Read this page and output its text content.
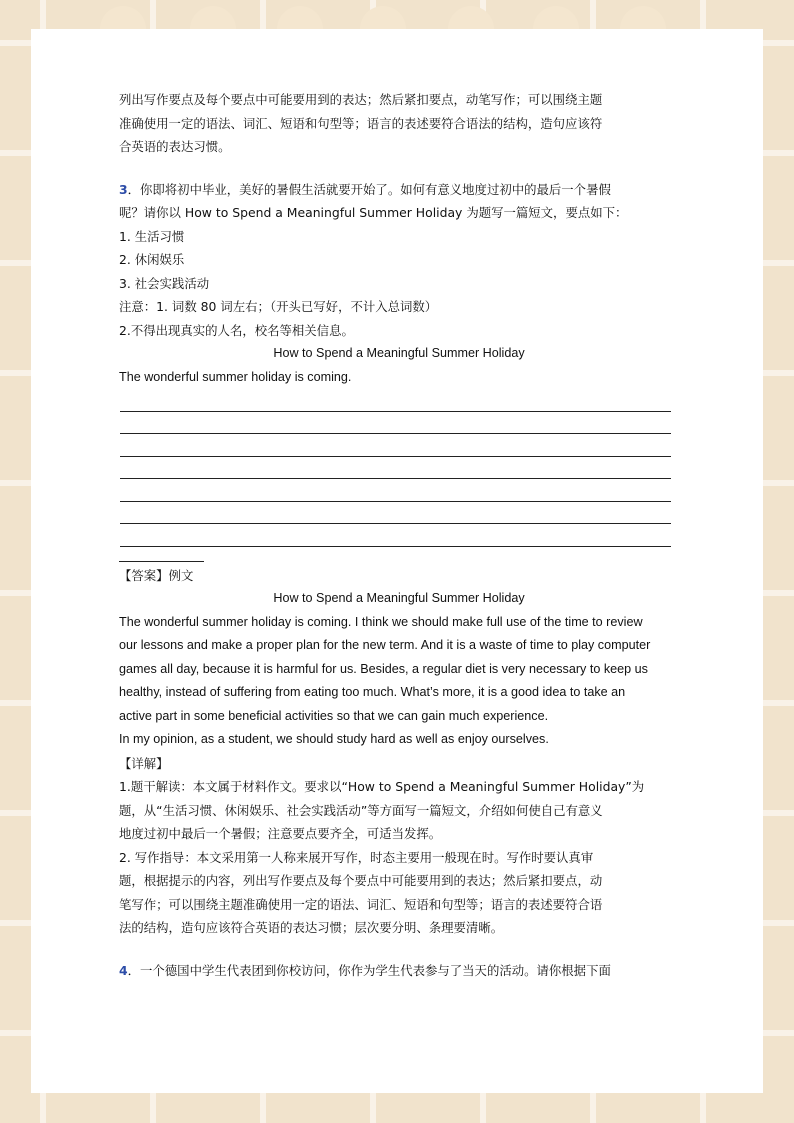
列出写作要点及每个要点中可能要用到的表达；然后紧扣要点，动笔写作；可以围绕主题

准确使用一定的语法、词汇、短语和句型等；语言的表述要符合语法的结构，造句应该符

合英语的表达习惯。

3．你即将初中毕业，美好的暑假生活就要开始了。如何有意义地度过初中的最后一个暑假

呢？请你以 How to Spend a Meaningful Summer Holiday 为题写一篇短文，要点如下：

1. 生活习惯

2. 休闲娱乐

3. 社会实践活动

注意：1. 词数 80 词左右；（开头已写好，不计入总词数）

2.不得出现真实的人名，校名等相关信息。

How to Spend a Meaningful Summer Holiday

The wonderful summer holiday is coming.

【答案】例文

How to Spend a Meaningful Summer Holiday

The wonderful summer holiday is coming. I think we should make full use of the time to review

our lessons and make a proper plan for the new term. And it is a waste of time to play computer

games all day, because it is harmful for us. Besides, a regular diet is very necessary to keep us

healthy, instead of suffering from eating too much. What’s more, it is a good idea to take an

active part in some beneficial activities so that we can gain much experience.

In my opinion, as a student, we should study hard as well as enjoy ourselves.

【详解】

1.题干解读：本文属于材料作文。要求以“How to Spend a Meaningful Summer Holiday”为

题，从“生活习惯、休闲娱乐、社会实践活动”等方面写一篇短文，介绍如何使自己有意义

地度过初中最后一个暑假；注意要点要齐全，可适当发挥。

2. 写作指导：本文采用第一人称来展开写作，时态主要用一般现在时。写作时要认真审

题，根据提示的内容，列出写作要点及每个要点中可能要用到的表达；然后紧扣要点，动

笔写作；可以围绕主题准确使用一定的语法、词汇、短语和句型等；语言的表述要符合语

法的结构，造句应该符合英语的表达习惯；层次要分明、条理要清晰。

4．一个德国中学生代表团到你校访问，你作为学生代表参与了当天的活动。请你根据下面
